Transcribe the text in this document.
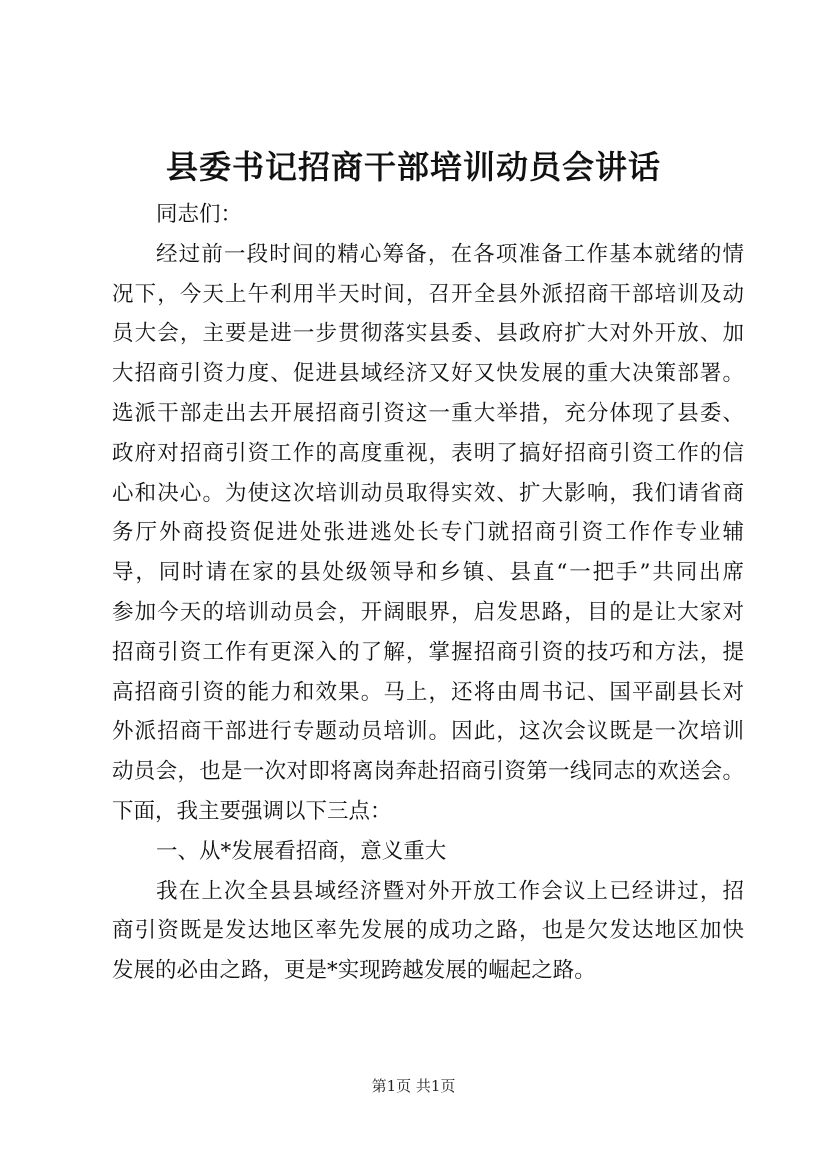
县委书记招商干部培训动员会讲话
同志们：
经过前一段时间的精心筹备，在各项准备工作基本就绪的情
况下，今天上午利用半天时间，召开全县外派招商干部培训及动
员大会，主要是进一步贯彻落实县委、县政府扩大对外开放、加
大招商引资力度、促进县域经济又好又快发展的重大决策部署。
选派干部走出去开展招商引资这一重大举措，充分体现了县委、
政府对招商引资工作的高度重视，表明了搞好招商引资工作的信
心和决心。为使这次培训动员取得实效、扩大影响，我们请省商
务厅外商投资促进处张进逃处长专门就招商引资工作作专业辅
导，同时请在家的县处级领导和乡镇、县直“一把手”共同出席
参加今天的培训动员会，开阔眼界，启发思路，目的是让大家对
招商引资工作有更深入的了解，掌握招商引资的技巧和方法，提
高招商引资的能力和效果。马上，还将由周书记、国平副县长对
外派招商干部进行专题动员培训。因此，这次会议既是一次培训
动员会，也是一次对即将离岗奔赴招商引资第一线同志的欢送会。
下面，我主要强调以下三点：
一、从*发展看招商，意义重大
我在上次全县县域经济暨对外开放工作会议上已经讲过，招
商引资既是发达地区率先发展的成功之路，也是欠发达地区加快
发展的必由之路，更是*实现跨越发展的崛起之路。
第1页 共1页
